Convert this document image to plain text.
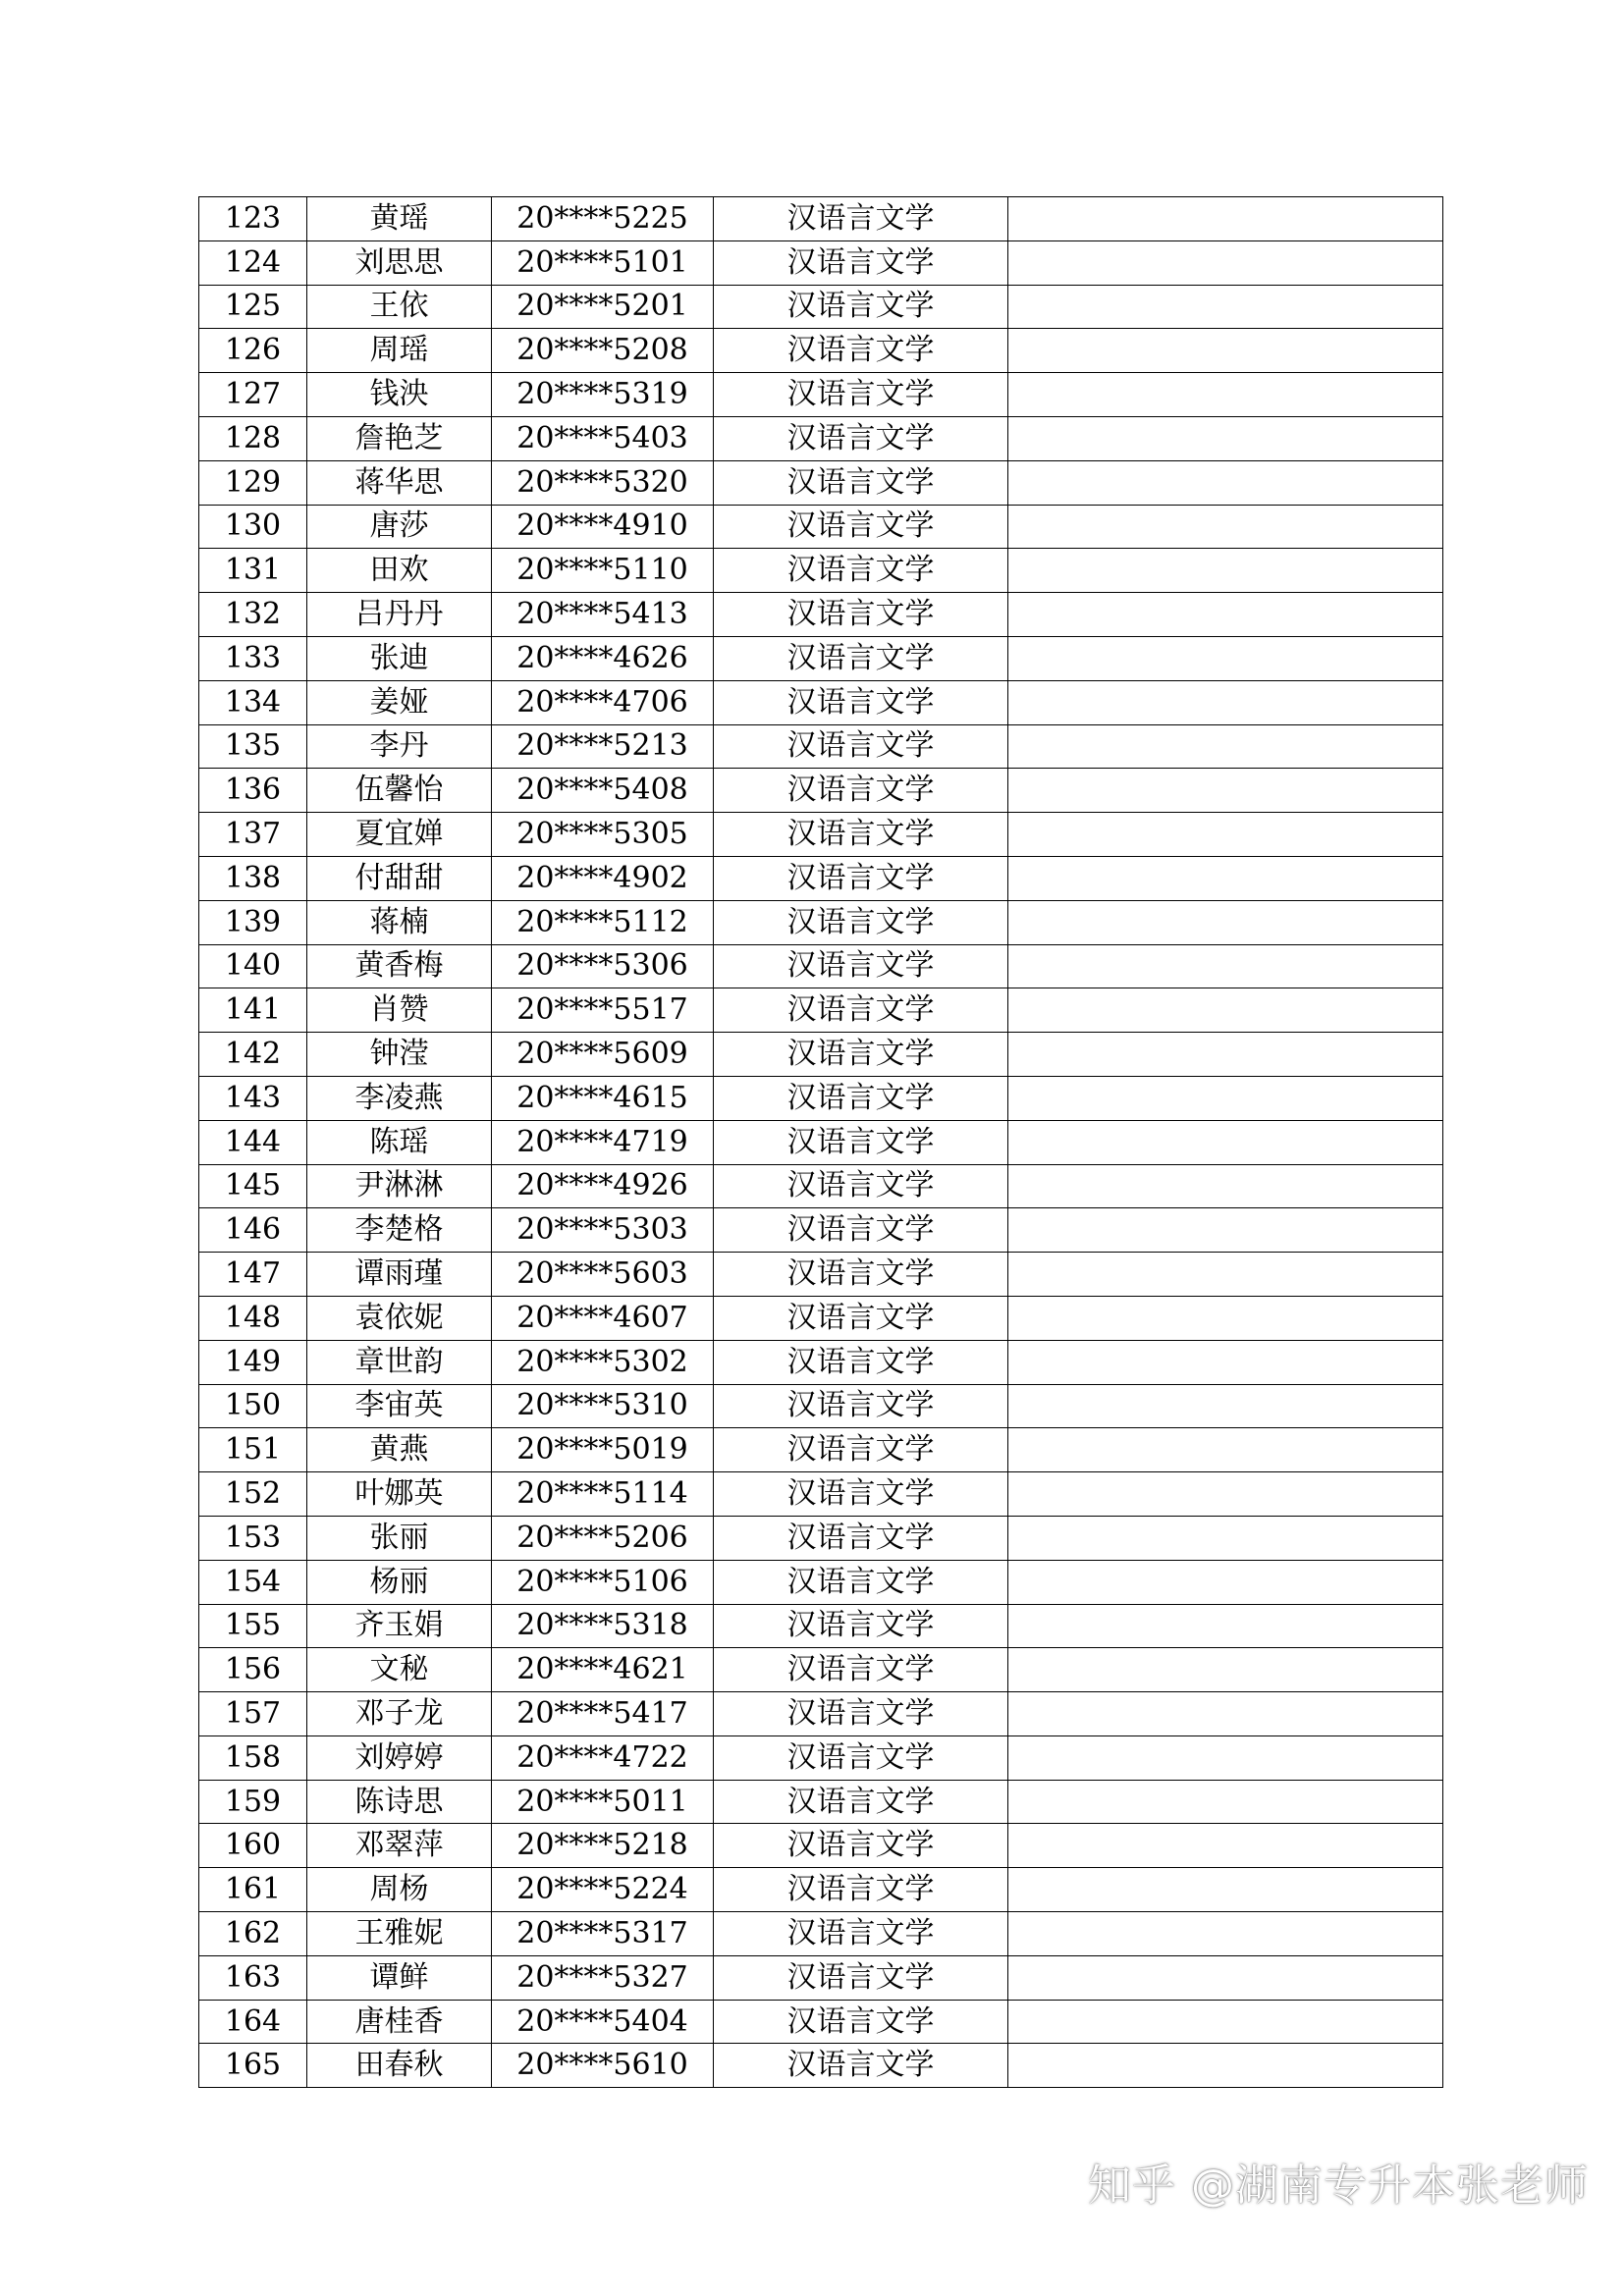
123	黄瑶	20****5225	汉语言文学	
124	刘思思	20****5101	汉语言文学	
125	王依	20****5201	汉语言文学	
126	周瑶	20****5208	汉语言文学	
127	钱泱	20****5319	汉语言文学	
128	詹艳芝	20****5403	汉语言文学	
129	蒋华思	20****5320	汉语言文学	
130	唐莎	20****4910	汉语言文学	
131	田欢	20****5110	汉语言文学	
132	吕丹丹	20****5413	汉语言文学	
133	张迪	20****4626	汉语言文学	
134	姜娅	20****4706	汉语言文学	
135	李丹	20****5213	汉语言文学	
136	伍馨怡	20****5408	汉语言文学	
137	夏宜婵	20****5305	汉语言文学	
138	付甜甜	20****4902	汉语言文学	
139	蒋楠	20****5112	汉语言文学	
140	黄香梅	20****5306	汉语言文学	
141	肖赞	20****5517	汉语言文学	
142	钟滢	20****5609	汉语言文学	
143	李凌燕	20****4615	汉语言文学	
144	陈瑶	20****4719	汉语言文学	
145	尹淋淋	20****4926	汉语言文学	
146	李楚格	20****5303	汉语言文学	
147	谭雨瑾	20****5603	汉语言文学	
148	袁依妮	20****4607	汉语言文学	
149	章世韵	20****5302	汉语言文学	
150	李宙英	20****5310	汉语言文学	
151	黄燕	20****5019	汉语言文学	
152	叶娜英	20****5114	汉语言文学	
153	张丽	20****5206	汉语言文学	
154	杨丽	20****5106	汉语言文学	
155	齐玉娟	20****5318	汉语言文学	
156	文秘	20****4621	汉语言文学	
157	邓子龙	20****5417	汉语言文学	
158	刘婷婷	20****4722	汉语言文学	
159	陈诗思	20****5011	汉语言文学	
160	邓翠萍	20****5218	汉语言文学	
161	周杨	20****5224	汉语言文学	
162	王雅妮	20****5317	汉语言文学	
163	谭鲜	20****5327	汉语言文学	
164	唐桂香	20****5404	汉语言文学	
165	田春秋	20****5610	汉语言文学	
知乎 @湖南专升本张老师
